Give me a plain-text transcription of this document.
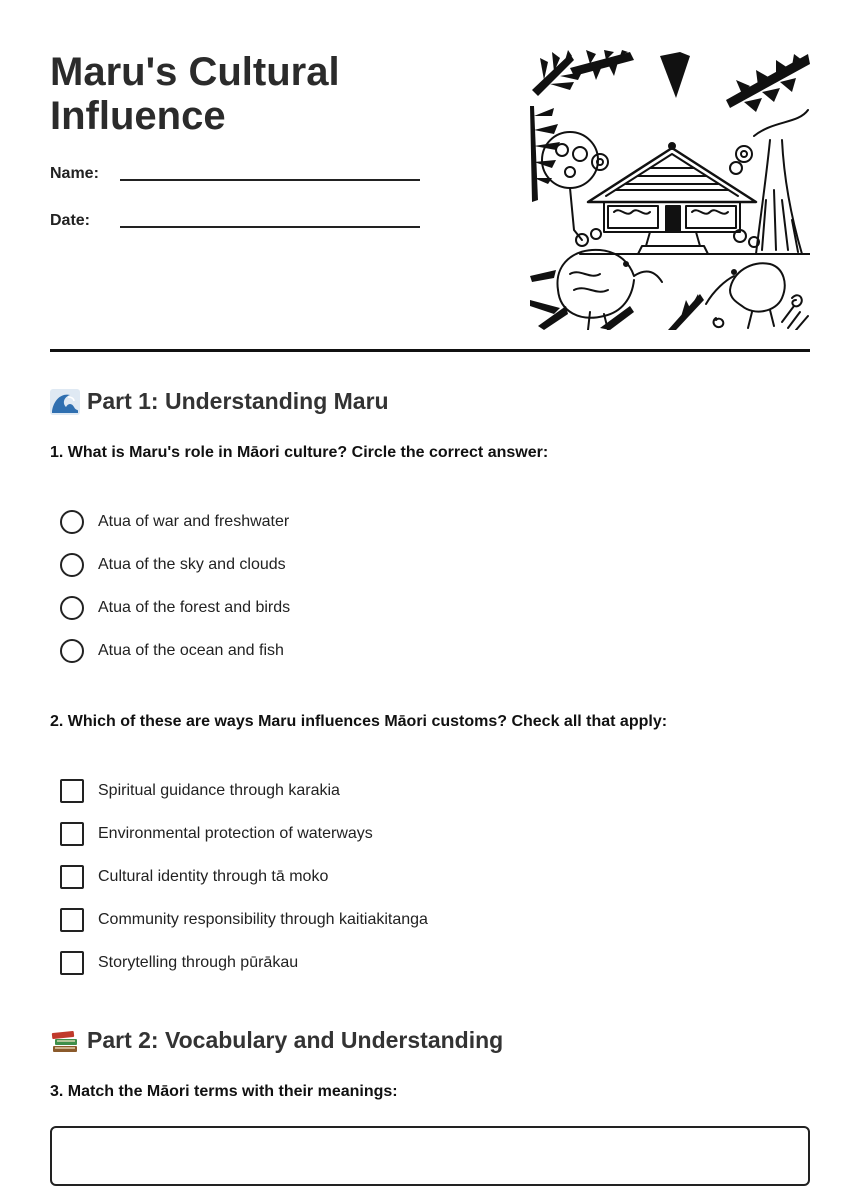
Maru's Cultural Influence
Name:
Date:
Part 1: Understanding Maru
1. What is Maru's role in Māori culture? Circle the correct answer:
Atua of war and freshwater
Atua of the sky and clouds
Atua of the forest and birds
Atua of the ocean and fish
2. Which of these are ways Maru influences Māori customs? Check all that apply:
Spiritual guidance through karakia
Environmental protection of waterways
Cultural identity through tā moko
Community responsibility through kaitiakitanga
Storytelling through pūrākau
Part 2: Vocabulary and Understanding
3. Match the Māori terms with their meanings:
